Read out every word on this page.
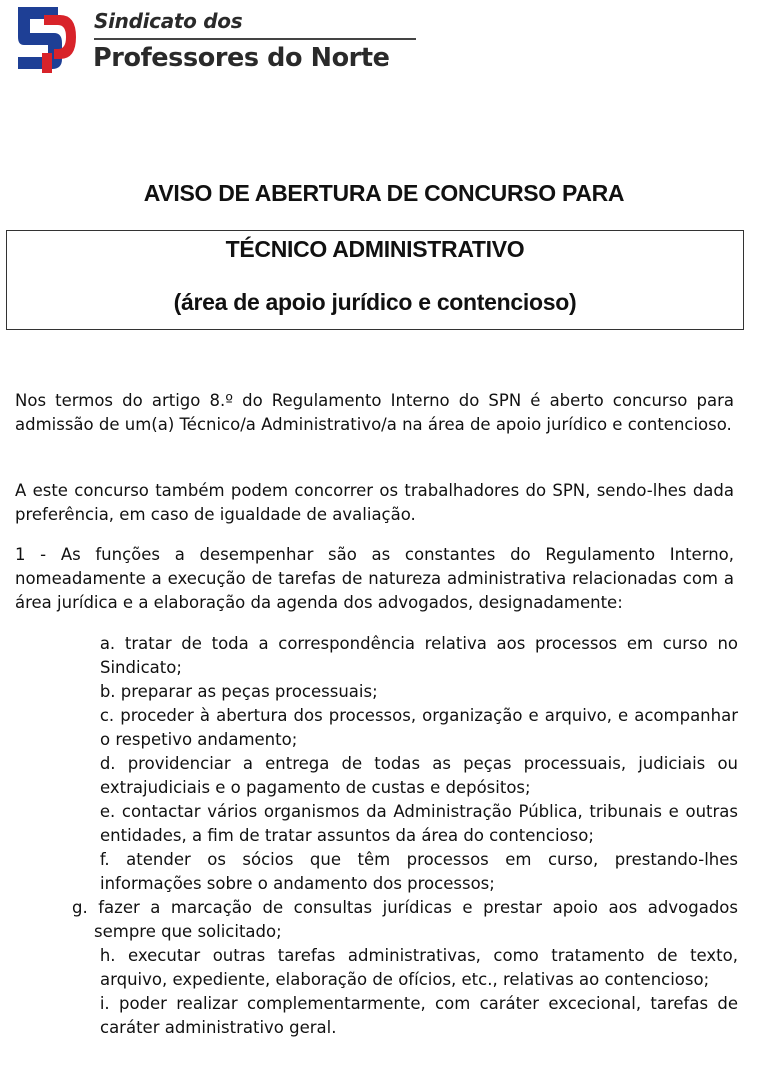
Sindicato dos
Professores do Norte
AVISO DE ABERTURA DE CONCURSO PARA
TÉCNICO ADMINISTRATIVO
(área de apoio jurídico e contencioso)
Nos termos do artigo 8.º do Regulamento Interno do SPN é aberto concurso para admissão de um(a) Técnico/a Administrativo/a na área de apoio jurídico e contencioso.
A este concurso também podem concorrer os trabalhadores do SPN, sendo-lhes dada preferência, em caso de igualdade de avaliação.
1 - As funções a desempenhar são as constantes do Regulamento Interno, nomeadamente a execução de tarefas de natureza administrativa relacionadas com a área jurídica e a elaboração da agenda dos advogados, designadamente:
a. tratar de toda a correspondência relativa aos processos em curso no Sindicato;
b. preparar as peças processuais;
c. proceder à abertura dos processos, organização e arquivo, e acompanhar o respetivo andamento;
d. providenciar a entrega de todas as peças processuais, judiciais ou extrajudiciais e o pagamento de custas e depósitos;
e. contactar vários organismos da Administração Pública, tribunais e outras entidades, a fim de tratar assuntos da área do contencioso;
f. atender os sócios que têm processos em curso, prestando-lhes informações sobre o andamento dos processos;
g. fazer a marcação de consultas jurídicas e prestar apoio aos advogados sempre que solicitado;
h. executar outras tarefas administrativas, como tratamento de texto, arquivo, expediente, elaboração de ofícios, etc., relativas ao contencioso;
i. poder realizar complementarmente, com caráter excecional, tarefas de caráter administrativo geral.
